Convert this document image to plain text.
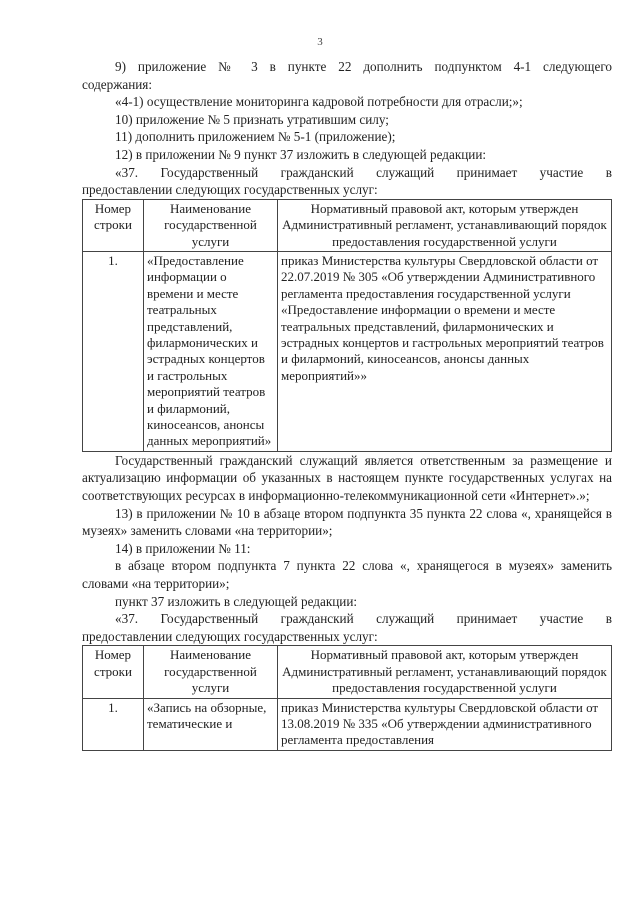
3

9) приложение № 3 в пункте 22 дополнить подпунктом 4-1 следующего

содержания:

«4-1) осуществление мониторинга кадровой потребности для отрасли;»;

10) приложение № 5 признать утратившим силу;

11) дополнить приложением № 5-1 (приложение);

12) в приложении № 9 пункт 37 изложить в следующей редакции:

«37. Государственный гражданский служащий принимает участие в

предоставлении следующих государственных услуг:

Номер строки	Наименование государственной услуги	Нормативный правовой акт, которым утвержден Административный регламент, устанавливающий порядок предоставления государственной услуги
1.	«Предоставление информации о времени и месте театральных представлений, филармонических и эстрадных концертов и гастрольных мероприятий театров и филармоний, киносеансов, анонсы данных мероприятий»	приказ Министерства культуры Свердловской области от 22.07.2019 № 305 «Об утверждении Административного регламента предоставления государственной услуги «Предоставление информации о времени и месте театральных представлений, филармонических и эстрадных концертов и гастрольных мероприятий театров и филармоний, киносеансов, анонсы данных мероприятий»»

Государственный гражданский служащий является ответственным за размещение и актуализацию информации об указанных в настоящем пункте государственных услугах на соответствующих ресурсах в информационно-телекоммуникационной сети «Интернет».»;

13) в приложении № 10 в абзаце втором подпункта 35 пункта 22 слова «, хранящейся в музеях» заменить словами «на территории»;

14) в приложении № 11:

в абзаце втором подпункта 7 пункта 22 слова «, хранящегося в музеях» заменить словами «на территории»;

пункт 37 изложить в следующей редакции:

«37. Государственный гражданский служащий принимает участие в

предоставлении следующих государственных услуг:

Номер строки	Наименование государственной услуги	Нормативный правовой акт, которым утвержден Административный регламент, устанавливающий порядок предоставления государственной услуги
1.	«Запись на обзорные, тематические и	приказ Министерства культуры Свердловской области от 13.08.2019 № 335 «Об утверждении административного регламента предоставления
